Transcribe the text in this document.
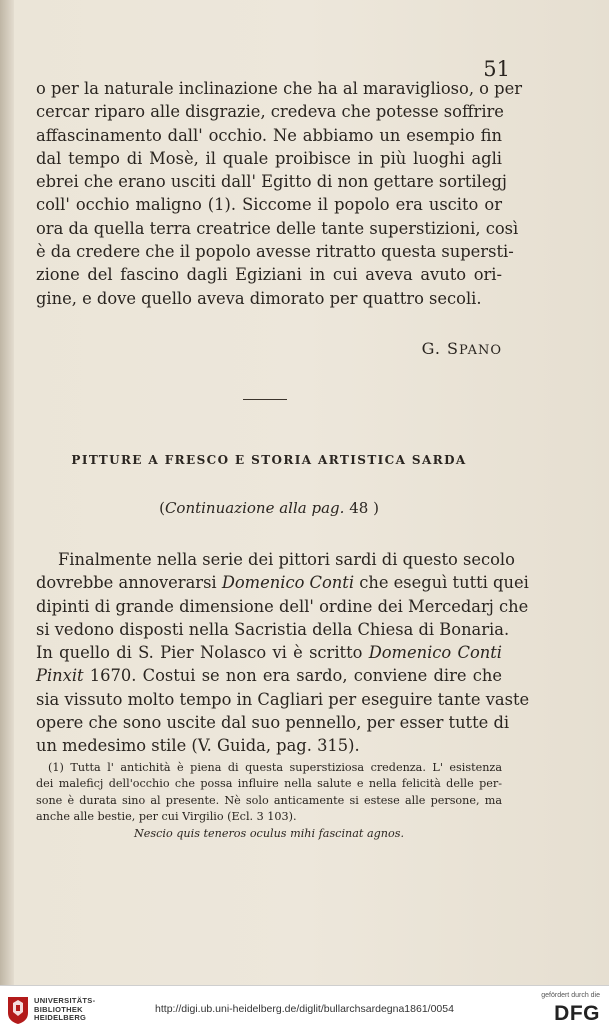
51
o per la naturale inclinazione che ha al maraviglioso, o per
cercar riparo alle disgrazie, credeva che potesse soffrire
affascinamento dall' occhio. Ne abbiamo un esempio fin
dal tempo di Mosè, il quale proibisce in più luoghi agli
ebrei che erano usciti dall' Egitto di non gettare sortilegj
coll' occhio maligno (1). Siccome il popolo era uscito or
ora da quella terra creatrice delle tante superstizioni, così
è da credere che il popolo avesse ritratto questa supersti-
zione del fascino dagli Egiziani in cui aveva avuto ori-
gine, e dove quello aveva dimorato per quattro secoli.
G. SPANO
PITTURE A FRESCO E STORIA ARTISTICA SARDA
(Continuazione alla pag. 48 )
Finalmente nella serie dei pittori sardi di questo secolo
dovrebbe annoverarsi Domenico Conti che eseguì tutti quei
dipinti di grande dimensione dell' ordine dei Mercedarj che
si vedono disposti nella Sacristia della Chiesa di Bonaria.
In quello di S. Pier Nolasco vi è scritto Domenico Conti
Pinxit 1670. Costui se non era sardo, conviene dire che
sia vissuto molto tempo in Cagliari per eseguire tante vaste
opere che sono uscite dal suo pennello, per esser tutte di
un medesimo stile (V. Guida, pag. 315).
(1) Tutta l' antichità è piena di questa superstiziosa credenza. L' esistenza
dei maleficj dell'occhio che possa influire nella salute e nella felicità delle per-
sone è durata sino al presente. Nè solo anticamente si estese alle persone, ma
anche alle bestie, per cui Virgilio (Ecl. 3 103).
Nescio quis teneros oculus mihi fascinat agnos.
UNIVERSITÄTS-
BIBLIOTHEK
HEIDELBERG
http://digi.ub.uni-heidelberg.de/diglit/bullarchsardegna1861/0054
gefördert durch die
DFG
